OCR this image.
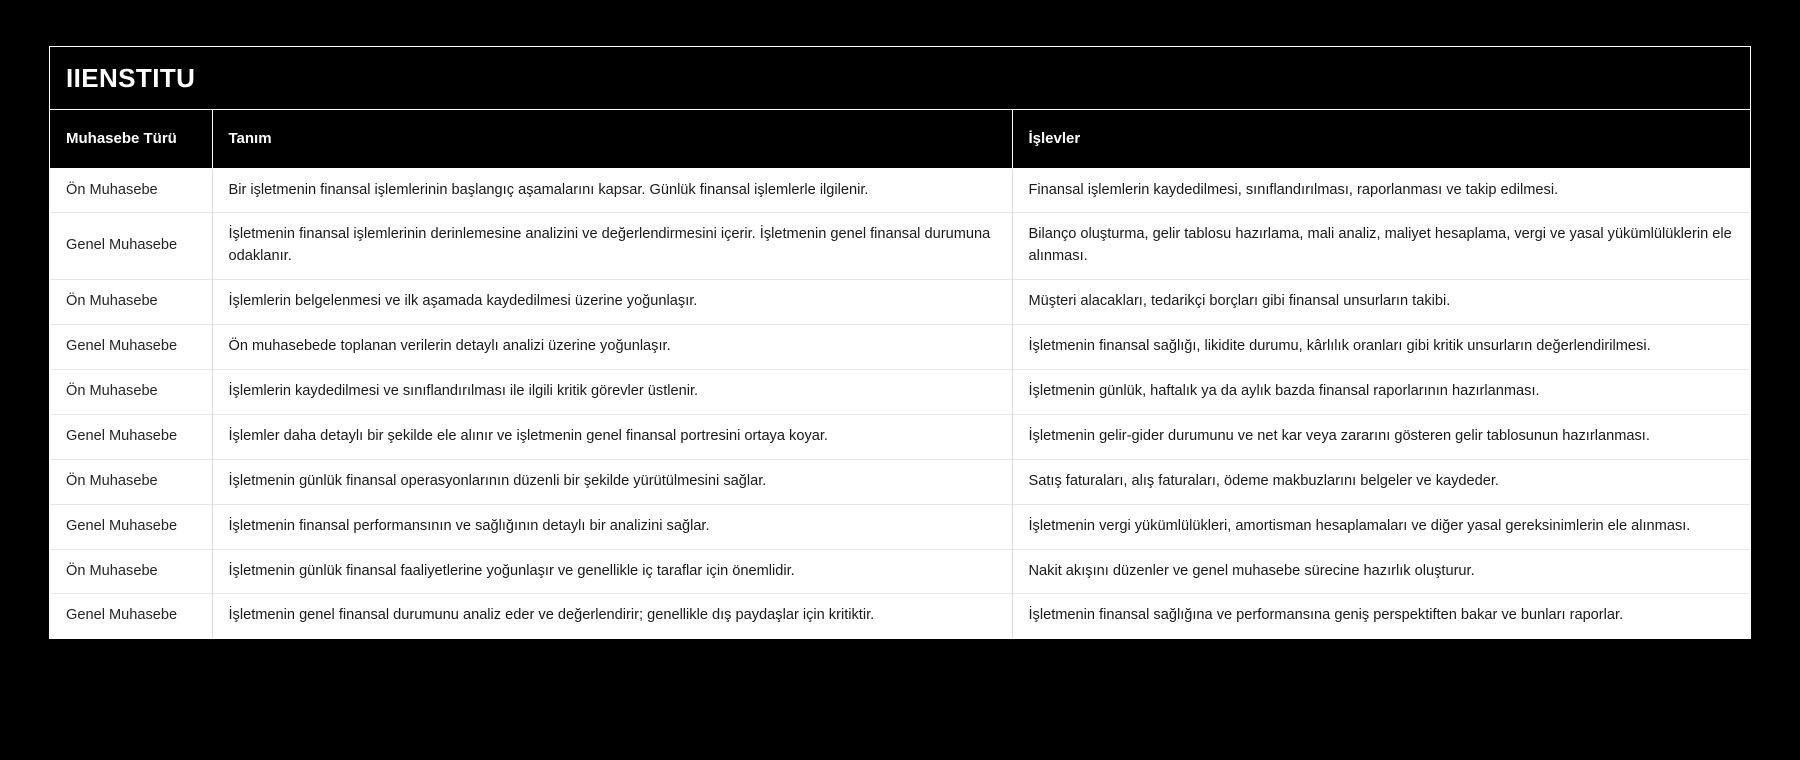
IIENSTITU
Muhasebe Türü	Tanım	İşlevler
Ön Muhasebe	Bir işletmenin finansal işlemlerinin başlangıç aşamalarını kapsar. Günlük finansal işlemlerle ilgilenir.	Finansal işlemlerin kaydedilmesi, sınıflandırılması, raporlanması ve takip edilmesi.
Genel Muhasebe	İşletmenin finansal işlemlerinin derinlemesine analizini ve değerlendirmesini içerir. İşletmenin genel finansal durumuna odaklanır.	Bilanço oluşturma, gelir tablosu hazırlama, mali analiz, maliyet hesaplama, vergi ve yasal yükümlülüklerin ele alınması.
Ön Muhasebe	İşlemlerin belgelenmesi ve ilk aşamada kaydedilmesi üzerine yoğunlaşır.	Müşteri alacakları, tedarikçi borçları gibi finansal unsurların takibi.
Genel Muhasebe	Ön muhasebede toplanan verilerin detaylı analizi üzerine yoğunlaşır.	İşletmenin finansal sağlığı, likidite durumu, kârlılık oranları gibi kritik unsurların değerlendirilmesi.
Ön Muhasebe	İşlemlerin kaydedilmesi ve sınıflandırılması ile ilgili kritik görevler üstlenir.	İşletmenin günlük, haftalık ya da aylık bazda finansal raporlarının hazırlanması.
Genel Muhasebe	İşlemler daha detaylı bir şekilde ele alınır ve işletmenin genel finansal portresini ortaya koyar.	İşletmenin gelir-gider durumunu ve net kar veya zararını gösteren gelir tablosunun hazırlanması.
Ön Muhasebe	İşletmenin günlük finansal operasyonlarının düzenli bir şekilde yürütülmesini sağlar.	Satış faturaları, alış faturaları, ödeme makbuzlarını belgeler ve kaydeder.
Genel Muhasebe	İşletmenin finansal performansının ve sağlığının detaylı bir analizini sağlar.	İşletmenin vergi yükümlülükleri, amortisman hesaplamaları ve diğer yasal gereksinimlerin ele alınması.
Ön Muhasebe	İşletmenin günlük finansal faaliyetlerine yoğunlaşır ve genellikle iç taraflar için önemlidir.	Nakit akışını düzenler ve genel muhasebe sürecine hazırlık oluşturur.
Genel Muhasebe	İşletmenin genel finansal durumunu analiz eder ve değerlendirir; genellikle dış paydaşlar için kritiktir.	İşletmenin finansal sağlığına ve performansına geniş perspektiften bakar ve bunları raporlar.
